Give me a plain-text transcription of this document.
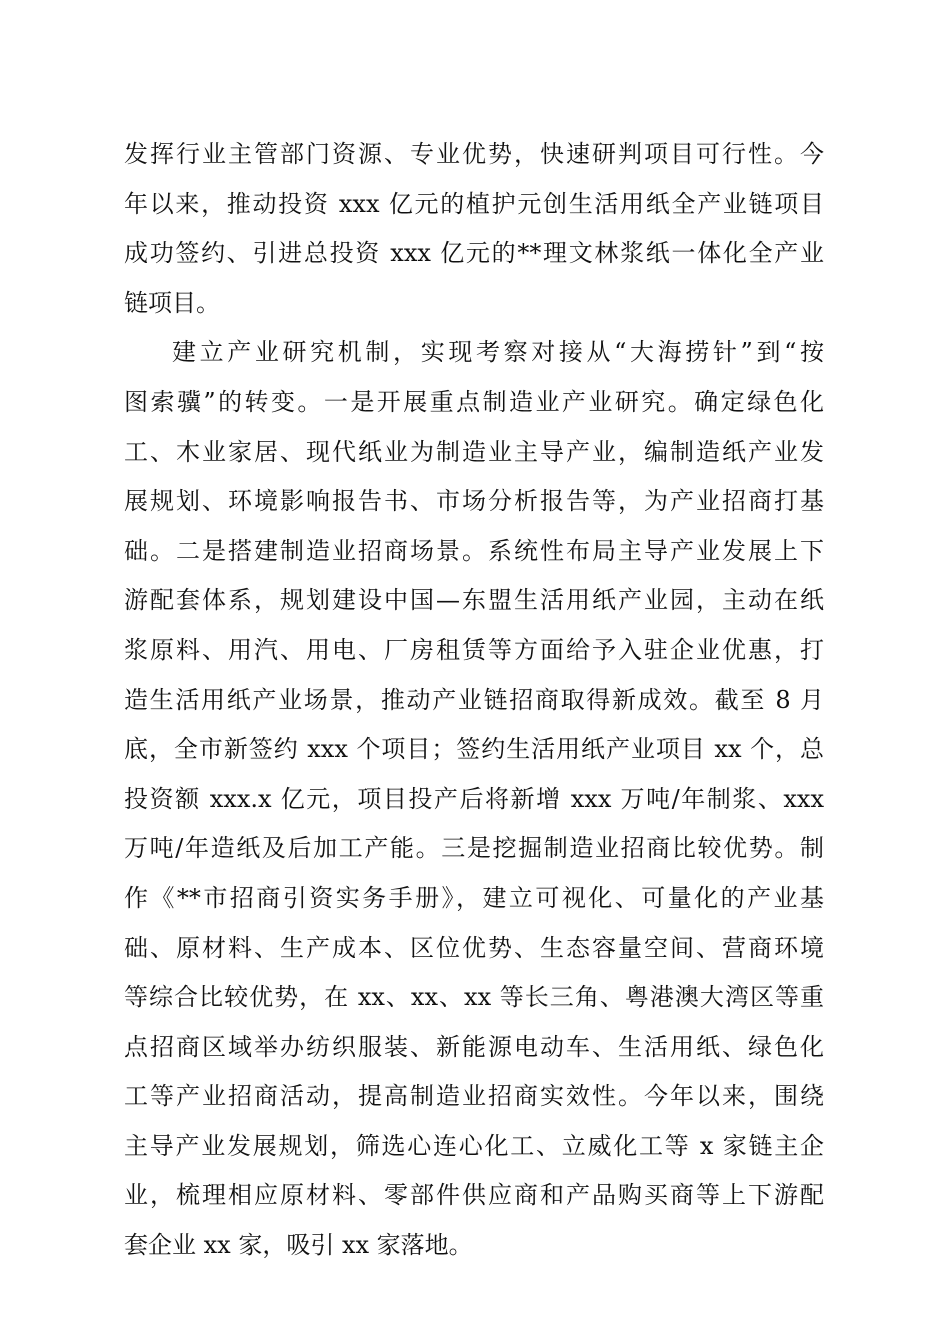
发挥行业主管部门资源、专业优势，快速研判项目可行性。今
年以来，推动投资 xxx 亿元的植护元创生活用纸全产业链项目
成功签约、引进总投资 xxx 亿元的**理文林浆纸一体化全产业
链项目。
建立产业研究机制，实现考察对接从“大海捞针”到“按
图索骥”的转变。一是开展重点制造业产业研究。确定绿色化
工、木业家居、现代纸业为制造业主导产业，编制造纸产业发
展规划、环境影响报告书、市场分析报告等，为产业招商打基
础。二是搭建制造业招商场景。系统性布局主导产业发展上下
游配套体系，规划建设中国—东盟生活用纸产业园，主动在纸
浆原料、用汽、用电、厂房租赁等方面给予入驻企业优惠，打
造生活用纸产业场景，推动产业链招商取得新成效。截至 8 月
底，全市新签约 xxx 个项目；签约生活用纸产业项目 xx 个，总
投资额 xxx.x 亿元，项目投产后将新增 xxx 万吨/年制浆、xxx
万吨/年造纸及后加工产能。三是挖掘制造业招商比较优势。制
作《**市招商引资实务手册》，建立可视化、可量化的产业基
础、原材料、生产成本、区位优势、生态容量空间、营商环境
等综合比较优势，在 xx、xx、xx 等长三角、粤港澳大湾区等重
点招商区域举办纺织服装、新能源电动车、生活用纸、绿色化
工等产业招商活动，提高制造业招商实效性。今年以来，围绕
主导产业发展规划，筛选心连心化工、立威化工等 x 家链主企
业，梳理相应原材料、零部件供应商和产品购买商等上下游配
套企业 xx 家，吸引 xx 家落地。
